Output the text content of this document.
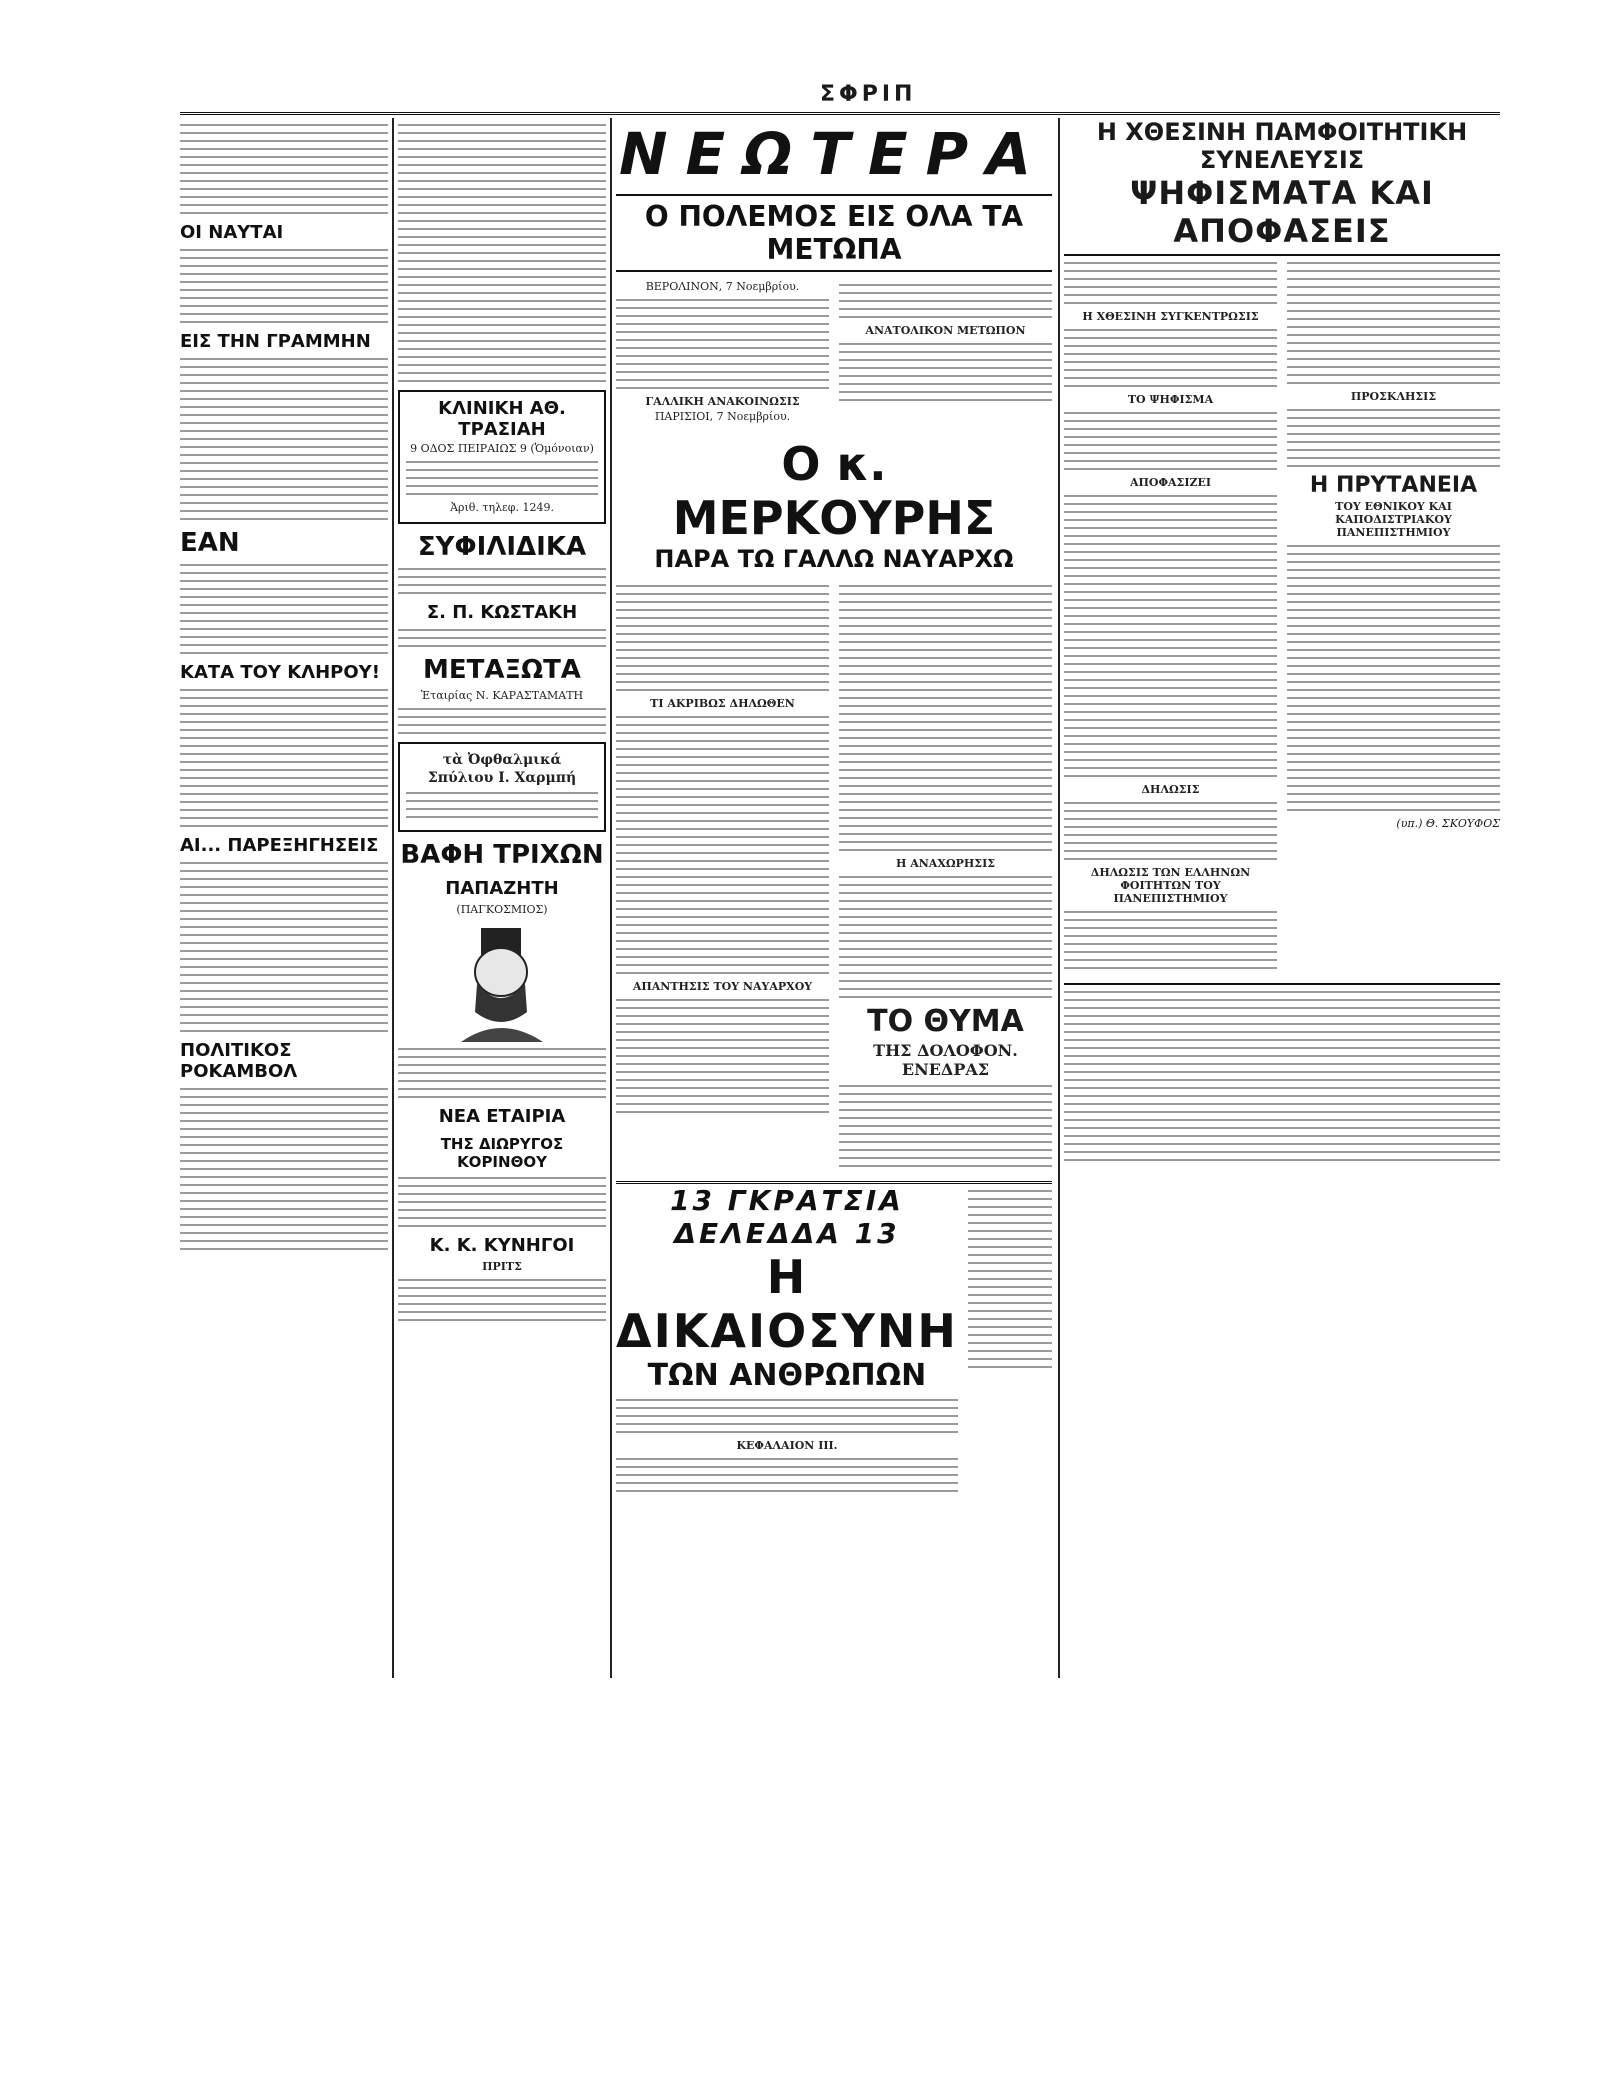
ΣΦΡΙΠ
ΟΙ ΝΑΥΤΑΙ
ΕΙΣ ΤΗΝ ΓΡΑΜΜΗΝ
ΕΑΝ
ΚΑΤΑ ΤΟΥ ΚΛΗΡΟΥ!
ΑΙ... ΠΑΡΕΞΗΓΗΣΕΙΣ
ΠΟΛΙΤΙΚΟΣ ΡΟΚΑΜΒΟΛ
ΚΛΙΝΙΚΗ ΑΘ. ΤΡΑΣΙΑΗ
9 ΟΔΟΣ ΠΕΙΡΑΙΩΣ 9 (Ὁμόνοιαν)
Ἀριθ. τηλεφ. 1249.
ΣΥΦΙΛΙΔΙΚΑ
Σ. Π. ΚΩΣΤΑΚΗ
ΜΕΤΑΞΩΤΑ
Ἑταιρίας Ν. ΚΑΡΑΣΤΑΜΑΤΗ
τὰ Ὀφθαλμικά
Σπύλιου Ι. Χαρμπή
ΒΑΦΗ ΤΡΙΧΩΝ
ΠΑΠΑΖΗΤΗ
(ΠΑΓΚΟΣΜΙΟΣ)
ΝΕΑ ΕΤΑΙΡΙΑ
ΤΗΣ ΔΙΩΡΥΓΟΣ ΚΟΡΙΝΘΟΥ
Κ. Κ. ΚΥΝΗΓΟΙ
ΠΡΙΤΣ
ΝΕΩΤΕΡΑ
Ο ΠΟΛΕΜΟΣ ΕΙΣ ΟΛΑ ΤΑ ΜΕΤΩΠΑ
ΒΕΡΟΛΙΝΟΝ, 7 Νοεμβρίου.
ΓΑΛΛΙΚΗ ΑΝΑΚΟΙΝΩΣΙΣ
ΠΑΡΙΣΙΟΙ, 7 Νοεμβρίου.
ΑΝΑΤΟΛΙΚΟΝ ΜΕΤΩΠΟΝ
Ο κ. ΜΕΡΚΟΥΡΗΣ
ΠΑΡΑ ΤΩ ΓΑΛΛΩ ΝΑΥΑΡΧΩ
ΤΙ ΑΚΡΙΒΩΣ ΔΗΛΩΘΕΝ
ΑΠΑΝΤΗΣΙΣ ΤΟΥ ΝΑΥΑΡΧΟΥ
Η ΑΝΑΧΩΡΗΣΙΣ
ΤΟ ΘΥΜΑ
ΤΗΣ ΔΟΛΟΦΟΝ. ΕΝΕΔΡΑΣ
13 ΓΚΡΑΤΣΙΑ ΔΕΛΕΔΔΑ 13
Η ΔΙΚΑΙΟΣΥΝΗ
ΤΩΝ ΑΝΘΡΩΠΩΝ
ΚΕΦΑΛΑΙΟΝ ΙΙΙ.
Η ΧΘΕΣΙΝΗ ΠΑΜΦΟΙΤΗΤΙΚΗ ΣΥΝΕΛΕΥΣΙΣ
ΨΗΦΙΣΜΑΤΑ ΚΑΙ ΑΠΟΦΑΣΕΙΣ
Η ΧΘΕΣΙΝΗ ΣΥΓΚΕΝΤΡΩΣΙΣ
ΤΟ ΨΗΦΙΣΜΑ
ΑΠΟΦΑΣΙΖΕΙ
ΔΗΛΩΣΙΣ
ΔΗΛΩΣΙΣ ΤΩΝ ΕΛΛΗΝΩΝ ΦΟΙΤΗΤΩΝ ΤΟΥ ΠΑΝΕΠΙΣΤΗΜΙΟΥ
ΠΡΟΣΚΛΗΣΙΣ
Η ΠΡΥΤΑΝΕΙΑ
ΤΟΥ ΕΘΝΙΚΟΥ ΚΑΙ ΚΑΠΟΔΙΣΤΡΙΑΚΟΥ ΠΑΝΕΠΙΣΤΗΜΙΟΥ
(υπ.) Θ. ΣΚΟΥΦΟΣ
